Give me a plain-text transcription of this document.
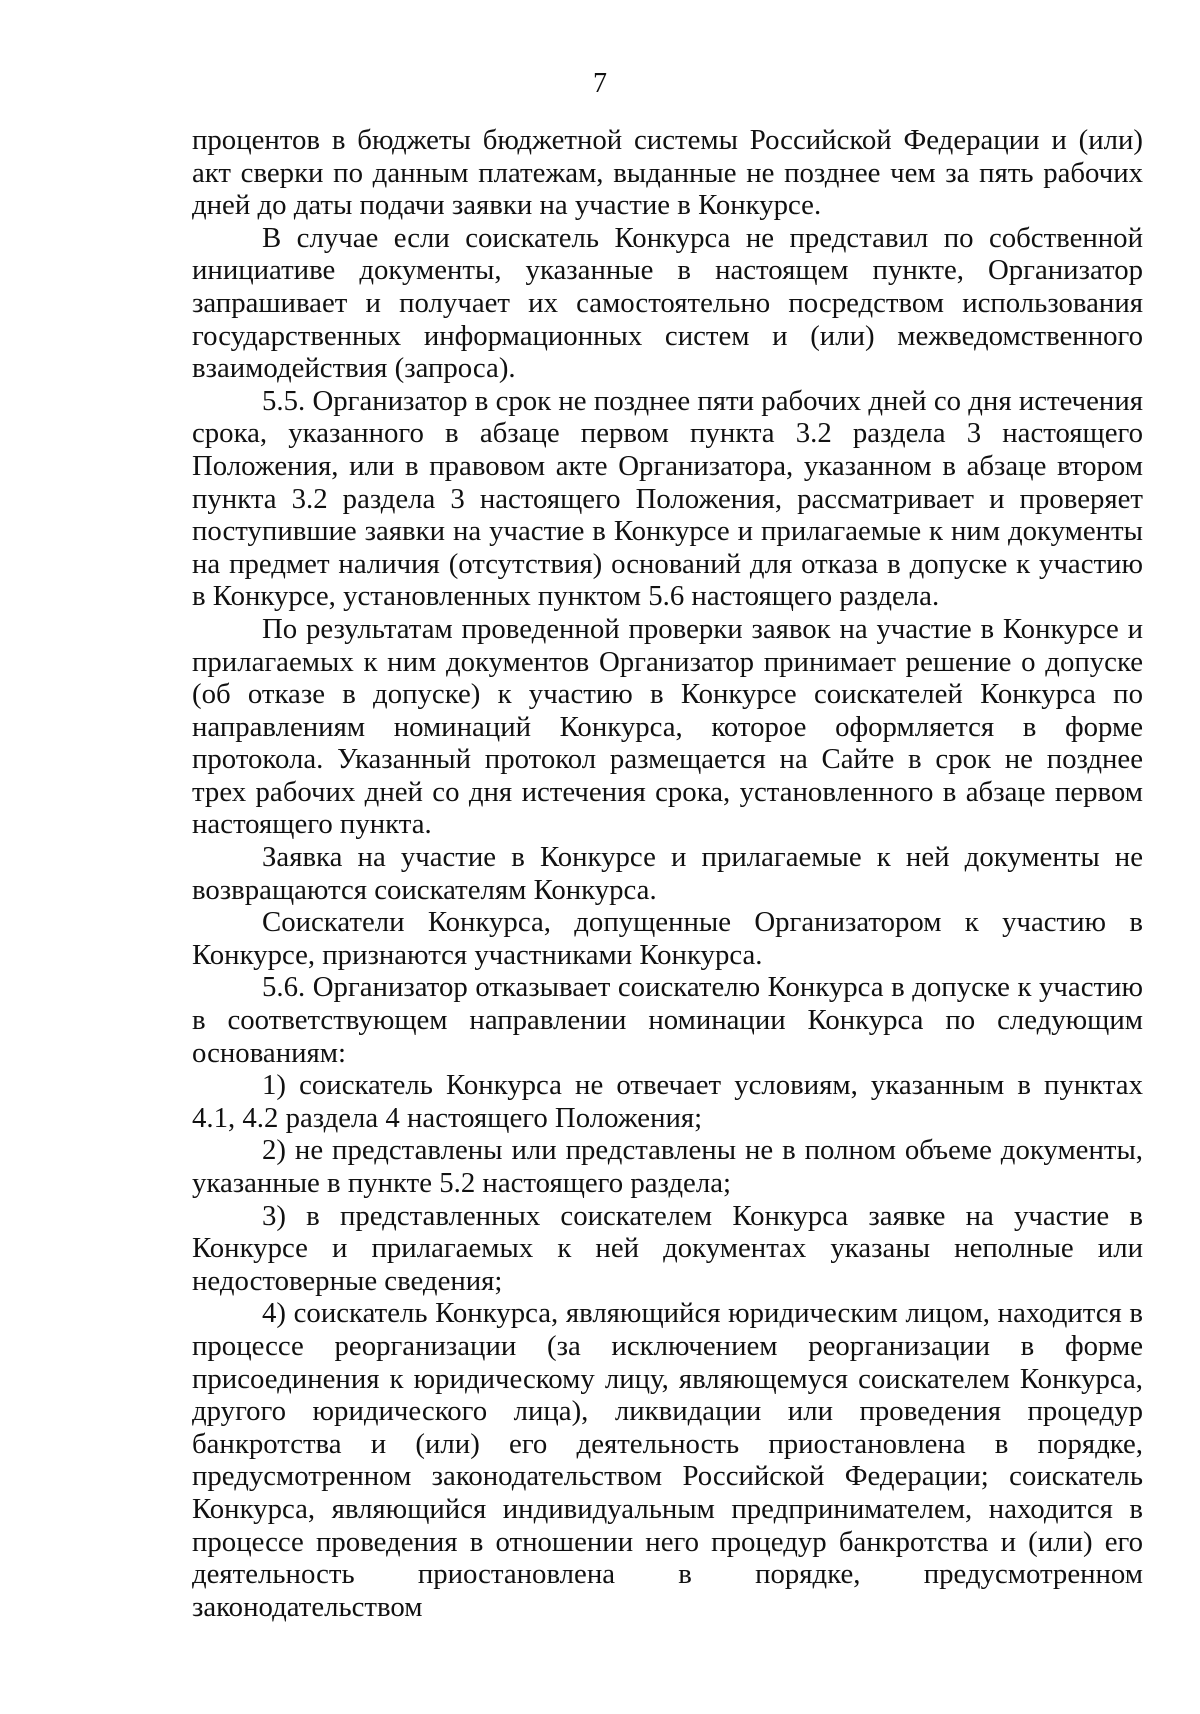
7

процентов в бюджеты бюджетной системы Российской Федерации и (или) акт сверки по данным платежам, выданные не позднее чем за пять рабочих дней до даты подачи заявки на участие в Конкурсе.

В случае если соискатель Конкурса не представил по собственной инициативе документы, указанные в настоящем пункте, Организатор запрашивает и получает их самостоятельно посредством использования государственных информационных систем и (или) межведомственного взаимодействия (запроса).

5.5. Организатор в срок не позднее пяти рабочих дней со дня истечения срока, указанного в абзаце первом пункта 3.2 раздела 3 настоящего Положения, или в правовом акте Организатора, указанном в абзаце втором пункта 3.2 раздела 3 настоящего Положения, рассматривает и проверяет поступившие заявки на участие в Конкурсе и прилагаемые к ним документы на предмет наличия (отсутствия) оснований для отказа в допуске к участию в Конкурсе, установленных пунктом 5.6 настоящего раздела.

По результатам проведенной проверки заявок на участие в Конкурсе и прилагаемых к ним документов Организатор принимает решение о допуске (об отказе в допуске) к участию в Конкурсе соискателей Конкурса по направлениям номинаций Конкурса, которое оформляется в форме протокола. Указанный протокол размещается на Сайте в срок не позднее трех рабочих дней со дня истечения срока, установленного в абзаце первом настоящего пункта.

Заявка на участие в Конкурсе и прилагаемые к ней документы не возвращаются соискателям Конкурса.

Соискатели Конкурса, допущенные Организатором к участию в Конкурсе, признаются участниками Конкурса.

5.6. Организатор отказывает соискателю Конкурса в допуске к участию в соответствующем направлении номинации Конкурса по следующим основаниям:

1) соискатель Конкурса не отвечает условиям, указанным в пунктах 4.1, 4.2 раздела 4 настоящего Положения;

2) не представлены или представлены не в полном объеме документы, указанные в пункте 5.2 настоящего раздела;

3) в представленных соискателем Конкурса заявке на участие в Конкурсе и прилагаемых к ней документах указаны неполные или недостоверные сведения;

4) соискатель Конкурса, являющийся юридическим лицом, находится в процессе реорганизации (за исключением реорганизации в форме присоединения к юридическому лицу, являющемуся соискателем Конкурса, другого юридического лица), ликвидации или проведения процедур банкротства и (или) его деятельность приостановлена в порядке, предусмотренном законодательством Российской Федерации; соискатель Конкурса, являющийся индивидуальным предпринимателем, находится в процессе проведения в отношении него процедур банкротства и (или) его деятельность приостановлена в порядке, предусмотренном законодательством
